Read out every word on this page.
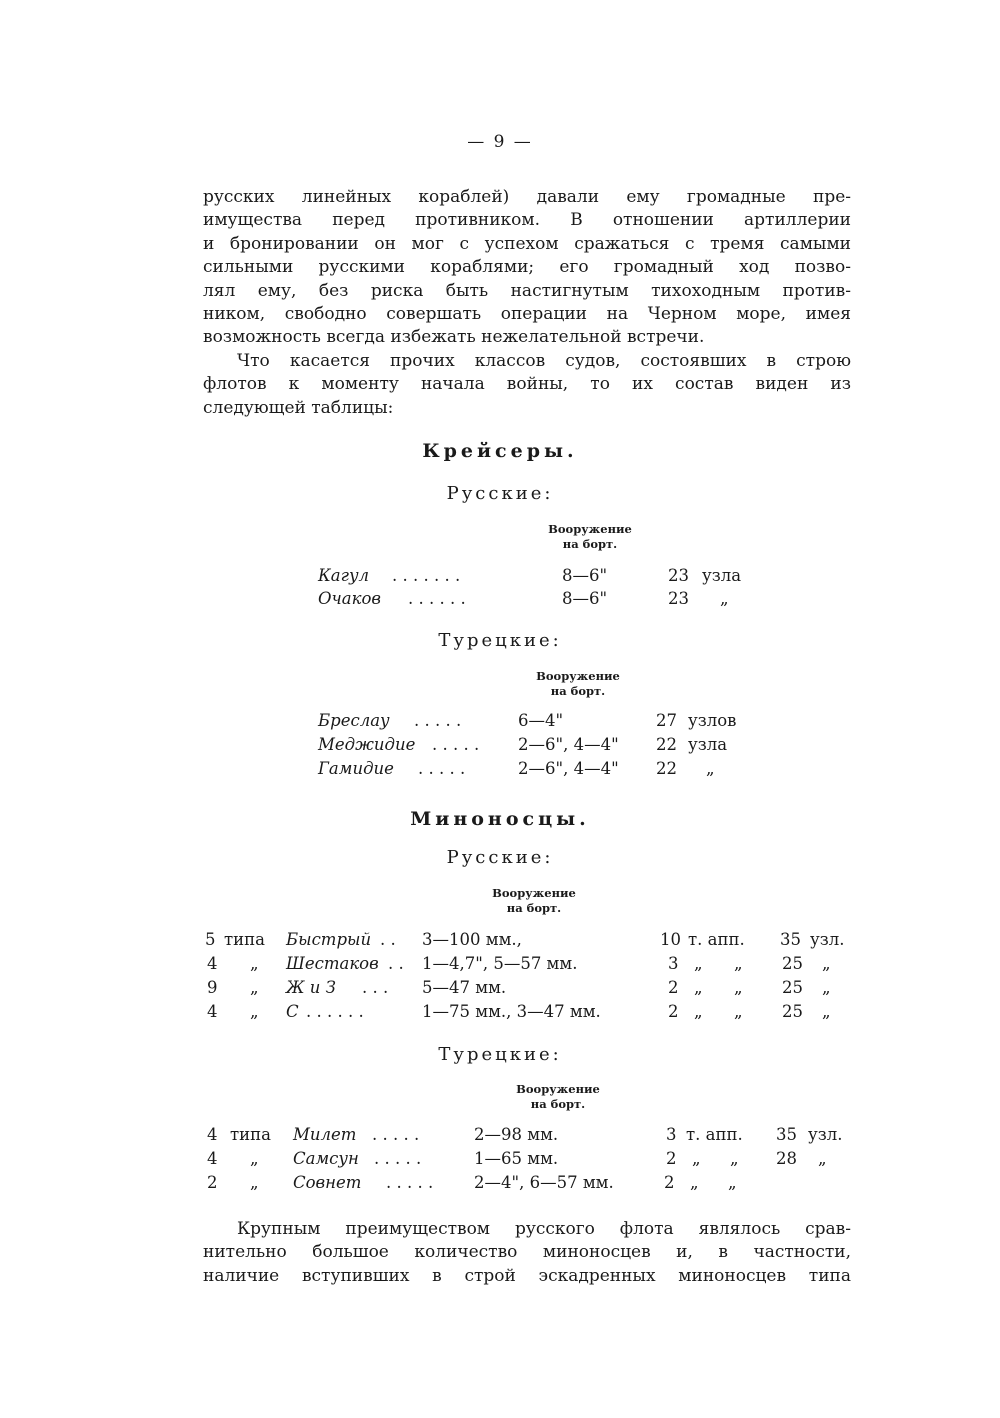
— 9 —
русских линейных кораблей) давали ему громадные пре-
имущества перед противником. В отношении артиллерии
и бронировании он мог с успехом сражаться с тремя самыми
сильными русскими кораблями; его громадный ход позво-
лял ему, без риска быть настигнутым тихоходным против-
ником, свободно совершать операции на Черном море, имея
возможность всегда избежать нежелательной встречи.
Что касается прочих классов судов, состоявших в строю
флотов к моменту начала войны, то их состав виден из
следующей таблицы:
Крейсеры.
Русские:
Вооружение
на борт.
Кагул . . . . . . .	8—6"	23 узла
Очаков . . . . . .	8—6"	23 „
Турецкие:
Вооружение
на борт.
Бреслау . . . . .	6—4"	27 узлов
Меджидие . . . . . 2—6", 4—4" 22 узла
Гамидие . . . . .	2—6", 4—4" 22 „
Миноносцы.
Русские:
Вооружение
на борт.
5 типа Быстрый . . 3—100 мм.,	10 т. апп. 35 узл.
4 „ Шестаков . . 1—4,7", 5—57 мм.	3 „ „ 25 „
9 „ Ж и З . . . 5—47 мм.	2 „ „ 25 „
4 „ С . . . . . .	1—75 мм., 3—47 мм.	2 „ „ 25 „
Турецкие:
Вооружение
на борт.
4 типа Милет . . . . .	2—98 мм.	3 т. апп. 35 узл.
4 „ Самсун . . . . .	1—65 мм.	2 „ „ 28 „
2 „ Совнет . . . . . 2—4", 6—57 мм.	2 „ „
Крупным преимуществом русского флота являлось срав-
нительно большое количество миноносцев и, в частности,
наличие вступивших в строй эскадренных миноносцев типа
